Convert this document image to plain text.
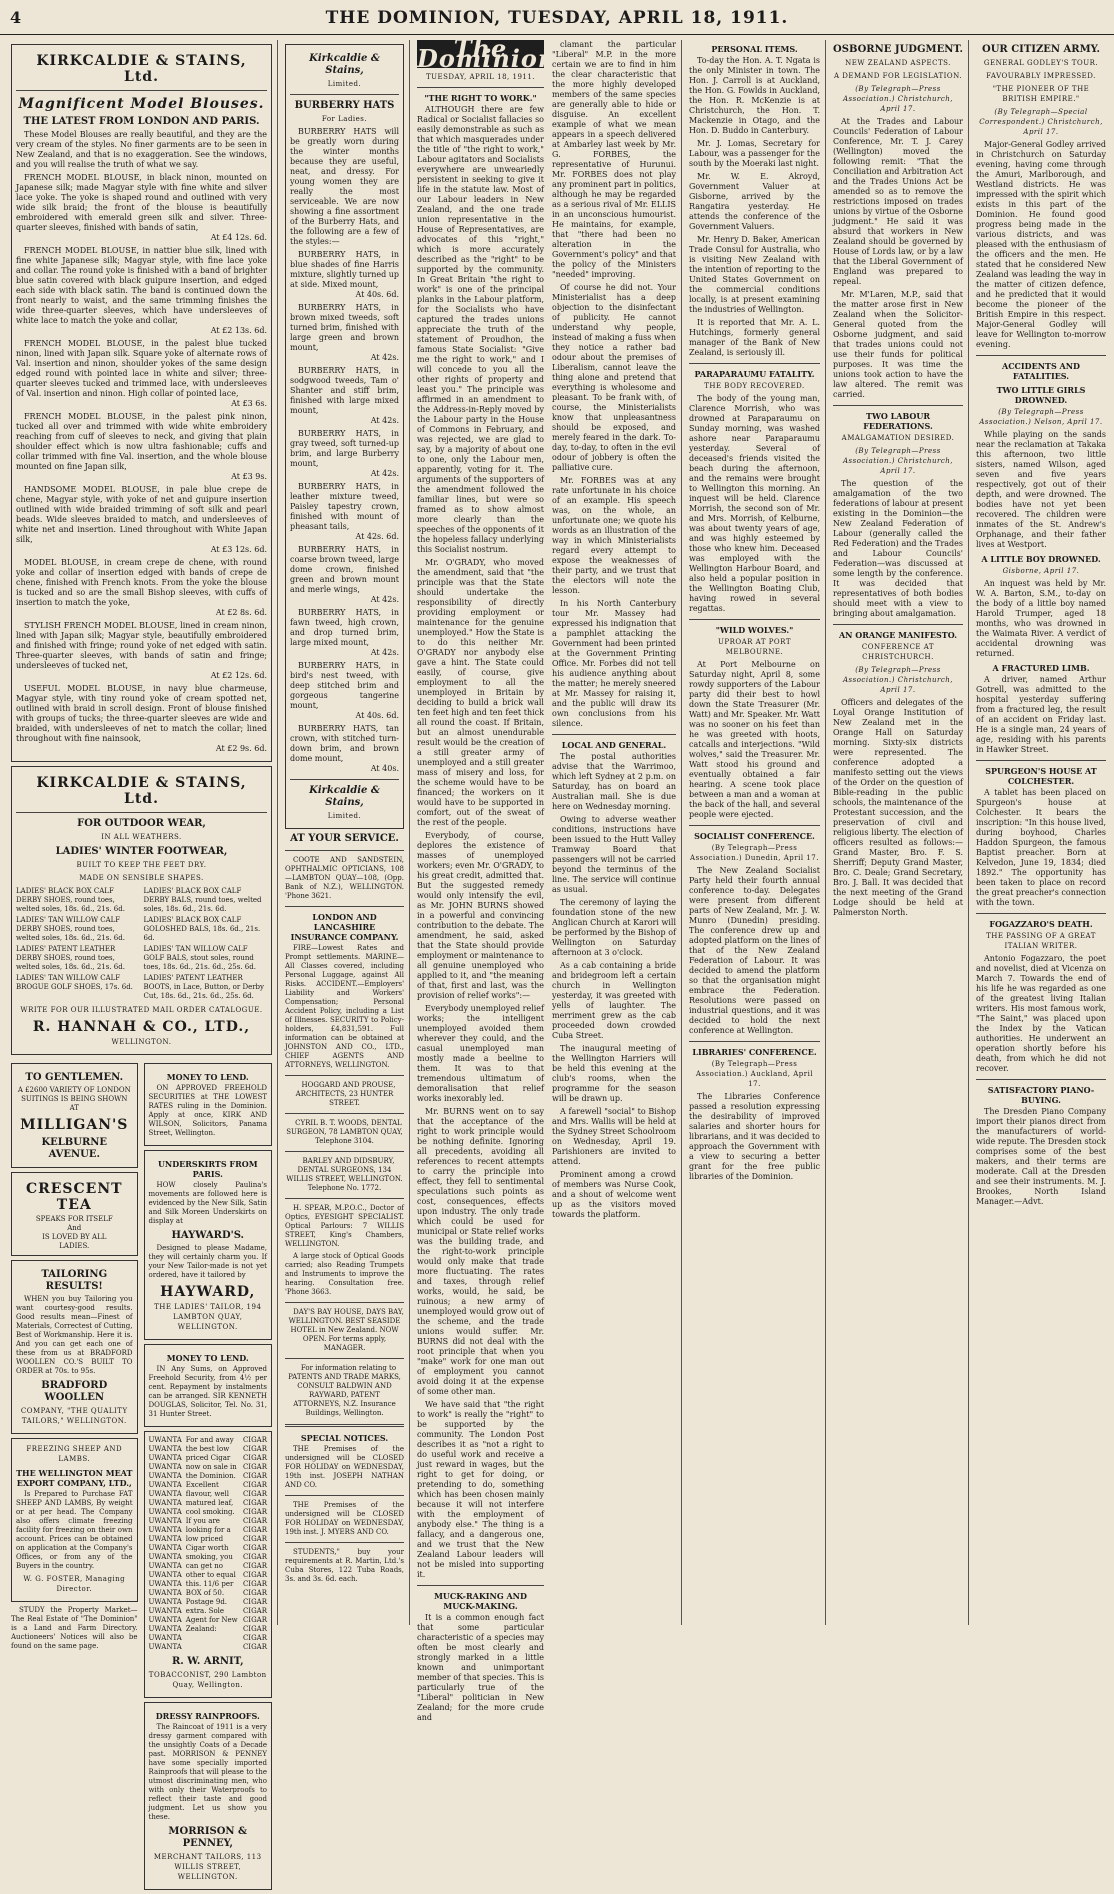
4	THE DOMINION, TUESDAY, APRIL 18, 1911.
KIRKCALDIE & STAINS, Ltd.
Magnificent Model Blouses.
THE LATEST FROM LONDON AND PARIS.

These Model Blouses are really beautiful, and they are the very cream of the styles. No finer garments are to be seen in New Zealand, and that is no exaggeration. See the windows, and you will realise the truth of what we say.

FRENCH MODEL BLOUSE, in black ninon, mounted on Japanese silk; made Magyar style with fine white and silver lace yoke. The yoke is shaped round and outlined with very wide silk braid; the front of the blouse is beautifully embroidered with emerald green silk and silver. Three-quarter sleeves, finished with bands of satin,

At £4 12s. 6d.

FRENCH MODEL BLOUSE, in nattier blue silk, lined with fine white Japanese silk; Magyar style, with fine lace yoke and collar. The round yoke is finished with a band of brighter blue satin covered with black guipure insertion, and edged each side with black satin. The band is continued down the front nearly to waist, and the same trimming finishes the wide three-quarter sleeves, which have undersleeves of white lace to match the yoke and collar,

At £2 13s. 6d.

FRENCH MODEL BLOUSE, in the palest blue tucked ninon, lined with Japan silk. Square yoke of alternate rows of Val. insertion and ninon, shoulder yokes of the same design edged round with pointed lace in white and silver; three-quarter sleeves tucked and trimmed lace, with undersleeves of Val. insertion and ninon. High collar of pointed lace,

At £3 6s.

FRENCH MODEL BLOUSE, in the palest pink ninon, tucked all over and trimmed with wide white embroidery reaching from cuff of sleeves to neck, and giving that plain shoulder effect which is now ultra fashionable; cuffs and collar trimmed with fine Val. insertion, and the whole blouse mounted on fine Japan silk,

At £3 9s.

HANDSOME MODEL BLOUSE, in pale blue crepe de chene, Magyar style, with yoke of net and guipure insertion outlined with wide braided trimming of soft silk and pearl beads. Wide sleeves braided to match, and undersleeves of white net and insertion. Lined throughout with White Japan silk,

At £3 12s. 6d.

MODEL BLOUSE, in cream crepe de chene, with round yoke and collar of insertion edged with bands of crepe de chene, finished with French knots. From the yoke the blouse is tucked and so are the small Bishop sleeves, with cuffs of insertion to match the yoke,

At £2 8s. 6d.

STYLISH FRENCH MODEL BLOUSE, lined in cream ninon, lined with Japan silk; Magyar style, beautifully embroidered and finished with fringe; round yoke of net edged with satin. Three-quarter sleeves, with bands of satin and fringe; undersleeves of tucked net,

At £2 12s. 6d.

USEFUL MODEL BLOUSE, in navy blue charmeuse, Magyar style, with tiny round yoke of cream spotted net, outlined with braid in scroll design. Front of blouse finished with groups of tucks; the three-quarter sleeves are wide and braided, with undersleeves of net to match the collar; lined throughout with fine nainsook,

At £2 9s. 6d.
KIRKCALDIE & STAINS, Ltd.
FOR OUTDOOR WEAR,
IN ALL WEATHERS.
LADIES' WINTER FOOTWEAR,
BUILT TO KEEP THE FEET DRY.
MADE ON SENSIBLE SHAPES.
LADIES' BLACK BOX CALF DERBY SHOES, round toes, welted soles, 18s. 6d., 21s. 6d.
LADIES' BLACK BOX CALF DERBY BALS, round toes, welted soles, 18s. 6d., 21s. 6d.
LADIES' TAN WILLOW CALF DERBY SHOES, round toes, welted soles, 18s. 6d., 21s. 6d.
LADIES' BLACK BOX CALF GOLOSHED BALS, 18s. 6d., 21s. 6d.
LADIES' PATENT LEATHER DERBY SHOES, round toes, welted soles, 18s. 6d., 21s. 6d.
LADIES' TAN WILLOW CALF GOLF BALS, stout soles, round toes, 18s. 6d., 21s. 6d., 25s. 6d.
LADIES' TAN WILLOW CALF BROGUE GOLF SHOES, 17s. 6d.
LADIES' PATENT LEATHER BOOTS, in Lace, Button, or Derby Cut, 18s. 6d., 21s. 6d., 25s. 6d.
WRITE FOR OUR ILLUSTRATED MAIL ORDER CATALOGUE.
R. HANNAH & CO., LTD.,
WELLINGTON.
TO GENTLEMEN.
A £2600 VARIETY OF LONDON SUITINGS IS BEING SHOWN AT
MILLIGAN'S
KELBURNE AVENUE.
CRESCENT TEA
SPEAKS FOR ITSELF
And
IS LOVED BY ALL
LADIES.
TAILORING RESULTS!

WHEN you buy Tailoring you want courtesy-good results. Good results mean—Finest of Materials, Correctest of Cutting, Best of Workmanship. Here it is. And you can get each one of these from us at BRADFORD WOOLLEN CO.'S BUILT TO ORDER at 70s. to 95s.

BRADFORD WOOLLEN
COMPANY, "THE QUALITY TAILORS," WELLINGTON.
FREEZING SHEEP AND LAMBS.
THE WELLINGTON MEAT EXPORT COMPANY, LTD.,

Is Prepared to Purchase FAT SHEEP AND LAMBS, By weight or at per head. The Company also offers climate freezing facility for freezing on their own account. Prices can be obtained on application at the Company's Offices, or from any of the Buyers in the country.

W. G. FOSTER, Managing Director.

STUDY the Property Market—The Real Estate of "The Dominion" is a Land and Farm Directory. Auctioneers' Notices will also be found on the same page.

MONEY TO LEND.

ON APPROVED FREEHOLD SECURITIES at THE LOWEST RATES ruling in the Dominion. Apply at once, KIRK AND WILSON, Solicitors, Panama Street, Wellington.

UNDERSKIRTS FROM PARIS.

HOW closely Paulina's movements are followed here is evidenced by the New Silk, Satin and Silk Moreen Underskirts on display at

HAYWARD'S.

Designed to please Madame, they will certainly charm you. If your New Tailor-made is not yet ordered, have it tailored by

HAYWARD,
THE LADIES' TAILOR, 194 LAMBTON QUAY, WELLINGTON.
MONEY TO LEND.

IN Any Sums, on Approved Freehold Security, from 4½ per cent. Repayment by instalments can be arranged. SIR KENNETH DOUGLAS, Solicitor, Tel. No. 31, 31 Hunter Street.

UWANTA
UWANTA
UWANTA
UWANTA
UWANTA
UWANTA
UWANTA
UWANTA
UWANTA
UWANTA
UWANTA
UWANTA
UWANTA
UWANTA
UWANTA
UWANTA
UWANTA
UWANTA
UWANTA
UWANTA
UWANTA
UWANTA
UWANTA
UWANTA
For and away the best low priced Cigar now on sale in the Dominion. Excellent flavour, well matured leaf, cool smoking. If you are looking for a low priced Cigar worth smoking, you can get no other to equal this. 11/6 per BOX of 50. Postage 9d. extra. Sole Agent for New Zealand:
CIGAR
CIGAR
CIGAR
CIGAR
CIGAR
CIGAR
CIGAR
CIGAR
CIGAR
CIGAR
CIGAR
CIGAR
CIGAR
CIGAR
CIGAR
CIGAR
CIGAR
CIGAR
CIGAR
CIGAR
CIGAR
CIGAR
CIGAR
CIGAR
R. W. ARNIT,
TOBACCONIST, 290 Lambton Quay, Wellington.
DRESSY RAINPROOFS.

The Raincoat of 1911 is a very dressy garment compared with the unsightly Coats of a Decade past. MORRISON & PENNEY have some specially imported Rainproofs that will please to the utmost discriminating men, who with only their Waterproofs to reflect their taste and good judgment. Let us show you these.

MORRISON & PENNEY,
MERCHANT TAILORS, 113 WILLIS STREET, WELLINGTON.
Kirkcaldie & Stains,
Limited.
BURBERRY HATS
For Ladies.

BURBERRY HATS will be greatly worn during the winter months because they are useful, neat, and dressy. For young women they are really the most serviceable. We are now showing a fine assortment of the Burberry Hats, and the following are a few of the styles:—

BURBERRY HATS, in blue shades of fine Harris mixture, slightly turned up at side. Mixed mount,

At 40s. 6d.

BURBERRY HATS, in brown mixed tweeds, soft turned brim, finished with large green and brown mount,

At 42s.

BURBERRY HATS, in sodgwood tweeds, Tam o' Shanter and stiff brim, finished with large mixed mount,

At 42s.

BURBERRY HATS, in gray tweed, soft turned-up brim, and large Burberry mount,

At 42s.

BURBERRY HATS, in leather mixture tweed, Paisley tapestry crown, finished with mount of pheasant tails,

At 42s. 6d.

BURBERRY HATS, in coarse brown tweed, large dome crown, finished green and brown mount and merle wings,

At 42s.

BURBERRY HATS, in fawn tweed, high crown, and drop turned brim, large mixed mount,

At 42s.

BURBERRY HATS, in bird's nest tweed, with deep stitched brim and gorgeous tangerine mount,

At 40s. 6d.

BURBERRY HATS, tan crown, with stitched turn-down brim, and brown dome mount,

At 40s.
Kirkcaldie & Stains,
Limited.
AT YOUR SERVICE.

COOTE AND SANDSTEIN, OPHTHALMIC OPTICIANS, 108—LAMBTON QUAY—108, (Opp. Bank of N.Z.), WELLINGTON. 'Phone 3621.

LONDON AND LANCASHIRE INSURANCE COMPANY.

FIRE—Lowest Rates and Prompt settlements. MARINE—All Classes covered, including Personal Luggage, against All Risks. ACCIDENT.—Employers' Liability and Workers' Compensation; Personal Accident Policy, including a List of Illnesses. SECURITY to Policy-holders, £4,831,591. Full information can be obtained at JOHNSTON AND CO., LTD., CHIEF AGENTS AND ATTORNEYS, WELLINGTON.

HOGGARD AND PROUSE, ARCHITECTS, 23 HUNTER STREET.

CYRIL B. T. WOODS, DENTAL SURGEON, 78 LAMBTON QUAY, Telephone 3104.

BARLEY AND DIDSBURY, DENTAL SURGEONS, 134 WILLIS STREET, WELLINGTON. Telephone No. 1772.

H. SPEAR, M.P.O.C., Doctor of Optics, EYESIGHT SPECIALIST. Optical Parlours: 7 WILLIS STREET, King's Chambers, WELLINGTON.

A large stock of Optical Goods carried; also Reading Trumpets and Instruments to improve the hearing. Consultation free. 'Phone 3663.

DAY'S BAY HOUSE, DAYS BAY, WELLINGTON. BEST SEASIDE HOTEL in New Zealand. NOW OPEN. For terms apply, MANAGER.

For information relating to PATENTS AND TRADE MARKS, CONSULT BALDWIN AND RAYWARD, PATENT ATTORNEYS, N.Z. Insurance Buildings, Wellington.

SPECIAL NOTICES.

THE Premises of the undersigned will be CLOSED FOR HOLIDAY on WEDNESDAY, 19th inst. JOSEPH NATHAN AND CO.

THE Premises of the undersigned will be CLOSED FOR HOLIDAY on WEDNESDAY, 19th inst. J. MYERS AND CO.

STUDENTS," buy your requirements at R. Martin, Ltd.'s Cuba Stores, 122 Tuba Roads, 3s. and 3s. 6d. each.

The Dominion
TUESDAY, APRIL 18, 1911.
"THE RIGHT TO WORK."

ALTHOUGH there are few Radical or Socialist fallacies so easily demonstrable as such as that which masquerades under the title of "the right to work," Labour agitators and Socialists everywhere are unweariedly persistent in seeking to give it life in the statute law. Most of our Labour leaders in New Zealand, and the one trade union representative in the House of Representatives, are advocates of this "right," which is more accurately described as the "right" to be supported by the community. In Great Britain "the right to work" is one of the principal planks in the Labour platform, for the Socialists who have captured the trades unions appreciate the truth of the statement of Proudhon, the famous State Socialist: "Give me the right to work," and I will concede to you all the other rights of property and least you." The principle was affirmed in an amendment to the Address-in-Reply moved by the Labour party in the House of Commons in February, and was rejected, we are glad to say, by a majority of about one to one, only the Labour men, apparently, voting for it. The arguments of the supporters of the amendment followed the familiar lines, but were so framed as to show almost more clearly than the speeches of the opponents of it the hopeless fallacy underlying this Socialist nostrum.

Mr. O'GRADY, who moved the amendment, said that "the principle was that the State should undertake the responsibility of directly providing employment or maintenance for the genuine unemployed." How the State is to do this neither Mr. O'GRADY nor anybody else gave a hint. The State could easily, of course, give employment to all the unemployed in Britain by deciding to build a brick wall ten feet high and ten feet thick all round the coast. If Britain, but an almost unendurable result would be the creation of a still greater army of unemployed and a still greater mass of misery and loss, for the scheme would have to be financed; the workers on it would have to be supported in comfort, out of the sweat of the rest of the people.

Everybody, of course, deplores the existence of masses of unemployed workers; even Mr. O'GRADY, to his great credit, admitted that. But the suggested remedy would only intensify the evil, as Mr. JOHN BURNS showed in a powerful and convincing contribution to the debate. The amendment, he said, asked that the State should provide employment or maintenance to all genuine unemployed who applied to it, and "the meaning of that, first and last, was the provision of relief works":—

Everybody unemployed relief works; the intelligent unemployed avoided them wherever they could, and the casual unemployed man mostly made a beeline to them. It was to that tremendous ultimatum of demoralisation that relief works inexorably led.

Mr. BURNS went on to say that the acceptance of the right to work principle would be nothing definite. Ignoring all precedents, avoiding all references to recent attempts to carry the principle into effect, they fell to sentimental speculations such points as cost, consequences, effects upon industry. The only trade which could be used for municipal or State relief works was the building trade, and the right-to-work principle would only make that trade more fluctuating. The rates and taxes, through relief works, would, he said, be ruinous; a new army of unemployed would grow out of the scheme, and the trade unions would suffer. Mr. BURNS did not deal with the root principle that when you "make" work for one man out of employment you cannot avoid doing it at the expense of some other man.

We have said that "the right to work" is really the "right" to be supported by the community. The London Post describes it as "not a right to do useful work and receive a just reward in wages, but the right to get for doing, or pretending to do, something which has been chosen mainly because it will not interfere with the employment of anybody else." The thing is a fallacy, and a dangerous one, and we trust that the New Zealand Labour leaders will not be misled into supporting it.

MUCK-RAKING AND MUCK-MAKING.

It is a common enough fact that some particular characteristic of a species may often be most clearly and strongly marked in a little known and unimportant member of that species. This is particularly true of the "Liberal" politician in New Zealand; for the more crude and

clamant the particular "Liberal" M.P. in the more certain we are to find in him the clear characteristic that the more highly developed members of the same species are generally able to hide or disguise. An excellent example of what we mean appears in a speech delivered at Ambarley last week by Mr. G. FORBES, the representative of Hurunui. Mr. FORBES does not play any prominent part in politics, although he may be regarded as a serious rival of Mr. ELLIS in an unconscious humourist. He maintains, for example, that "there had been no alteration in the Government's policy" and that the policy of the Ministers "needed" improving.

Of course he did not. Your Ministerialist has a deep objection to the disinfectant of publicity. He cannot understand why people, instead of making a fuss when they notice a rather bad odour about the premises of Liberalism, cannot leave the thing alone and pretend that everything is wholesome and pleasant. To be frank with, of course, the Ministerialists know that unpleasantness should be exposed, and merely feared in the dark. To-day, to-day, to often in the evil odour of jobbery is often the palliative cure.

Mr. FORBES was at any rate unfortunate in his choice of an example. His speech was, on the whole, an unfortunate one; we quote his words as an illustration of the way in which Ministerialists regard every attempt to expose the weaknesses of their party, and we trust that the electors will note the lesson.

In his North Canterbury tour Mr. Massey had expressed his indignation that a pamphlet attacking the Government had been printed at the Government Printing Office. Mr. Forbes did not tell his audience anything about the matter; he merely sneered at Mr. Massey for raising it, and the public will draw its own conclusions from his silence.

LOCAL AND GENERAL.

The postal authorities advise that the Warrimoo, which left Sydney at 2 p.m. on Saturday, has on board an Australian mail. She is due here on Wednesday morning.

Owing to adverse weather conditions, instructions have been issued to the Hutt Valley Tramway Board that passengers will not be carried beyond the terminus of the line. The service will continue as usual.

The ceremony of laying the foundation stone of the new Anglican Church at Karori will be performed by the Bishop of Wellington on Saturday afternoon at 3 o'clock.

As a cab containing a bride and bridegroom left a certain church in Wellington yesterday, it was greeted with yells of laughter. The merriment grew as the cab proceeded down crowded Cuba Street.

The inaugural meeting of the Wellington Harriers will be held this evening at the club's rooms, when the programme for the season will be drawn up.

A farewell "social" to Bishop and Mrs. Wallis will be held at the Sydney Street Schoolroom on Wednesday, April 19. Parishioners are invited to attend.

Prominent among a crowd of members was Nurse Cook, and a shout of welcome went up as the visitors moved towards the platform.

PERSONAL ITEMS.

To-day the Hon. A. T. Ngata is the only Minister in town. The Hon. J. Carroll is at Auckland, the Hon. G. Fowlds in Auckland, the Hon. R. McKenzie is at Christchurch, the Hon. T. Mackenzie in Otago, and the Hon. D. Buddo in Canterbury.

Mr. J. Lomas, Secretary for Labour, was a passenger for the south by the Moeraki last night.

Mr. W. E. Akroyd, Government Valuer at Gisborne, arrived by the Rangatira yesterday. He attends the conference of the Government Valuers.

Mr. Henry D. Baker, American Trade Consul for Australia, who is visiting New Zealand with the intention of reporting to the United States Government on the commercial conditions locally, is at present examining the industries of Wellington.

It is reported that Mr. A. L. Hutchings, formerly general manager of the Bank of New Zealand, is seriously ill.

PARAPARAUMU FATALITY.
THE BODY RECOVERED.

The body of the young man, Clarence Morrish, who was drowned at Paraparaumu on Sunday morning, was washed ashore near Paraparaumu yesterday. Several of deceased's friends visited the beach during the afternoon, and the remains were brought to Wellington this morning. An inquest will be held. Clarence Morrish, the second son of Mr. and Mrs. Morrish, of Kelburne, was about twenty years of age, and was highly esteemed by those who knew him. Deceased was employed with the Wellington Harbour Board, and also held a popular position in the Wellington Boating Club, having rowed in several regattas.

"WILD WOLVES."
UPROAR AT PORT MELBOURNE.

At Port Melbourne on Saturday night, April 8, some rowdy supporters of the Labour party did their best to howl down the State Treasurer (Mr. Watt) and Mr. Speaker. Mr. Watt was no sooner on his feet than he was greeted with hoots, catcalls and interjections. "Wild wolves," said the Treasurer. Mr. Watt stood his ground and eventually obtained a fair hearing. A scene took place between a man and a woman at the back of the hall, and several people were ejected.

SOCIALIST CONFERENCE.
(By Telegraph—Press Association.) Dunedin, April 17.

The New Zealand Socialist Party held their fourth annual conference to-day. Delegates were present from different parts of New Zealand, Mr. J. W. Munro (Dunedin) presiding. The conference drew up and adopted platform on the lines of that of the New Zealand Federation of Labour. It was decided to amend the platform so that the organisation might embrace the Federation. Resolutions were passed on industrial questions, and it was decided to hold the next conference at Wellington.

LIBRARIES' CONFERENCE.
(By Telegraph—Press Association.) Auckland, April 17.

The Libraries Conference passed a resolution expressing the desirability of improved salaries and shorter hours for librarians, and it was decided to approach the Government with a view to securing a better grant for the free public libraries of the Dominion.

OSBORNE JUDGMENT.
NEW ZEALAND ASPECTS.
A DEMAND FOR LEGISLATION.
(By Telegraph—Press Association.) Christchurch, April 17.

At the Trades and Labour Councils' Federation of Labour Conference, Mr. T. J. Carey (Wellington) moved the following remit: "That the Conciliation and Arbitration Act and the Trades Unions Act be amended so as to remove the restrictions imposed on trades unions by virtue of the Osborne judgment." He said it was absurd that workers in New Zealand should be governed by House of Lords law, or by a law that the Liberal Government of England was prepared to repeal.

Mr. M'Laren, M.P., said that the matter arose first in New Zealand when the Solicitor-General quoted from the Osborne judgment, and said that trades unions could not use their funds for political purposes. It was time the unions took action to have the law altered. The remit was carried.

TWO LABOUR FEDERATIONS.
AMALGAMATION DESIRED.
(By Telegraph—Press Association.) Christchurch, April 17.

The question of the amalgamation of the two federations of labour at present existing in the Dominion—the New Zealand Federation of Labour (generally called the Red Federation) and the Trades and Labour Councils' Federation—was discussed at some length by the conference. It was decided that representatives of both bodies should meet with a view to bringing about amalgamation.

AN ORANGE MANIFESTO.
CONFERENCE AT CHRISTCHURCH.
(By Telegraph—Press Association.) Christchurch, April 17.

Officers and delegates of the Loyal Orange Institution of New Zealand met in the Orange Hall on Saturday morning. Sixty-six districts were represented. The conference adopted a manifesto setting out the views of the Order on the question of Bible-reading in the public schools, the maintenance of the Protestant succession, and the preservation of civil and religious liberty. The election of officers resulted as follows:—Grand Master, Bro. F. S. Sherriff; Deputy Grand Master, Bro. C. Deale; Grand Secretary, Bro. J. Ball. It was decided that the next meeting of the Grand Lodge should be held at Palmerston North.

OUR CITIZEN ARMY.
GENERAL GODLEY'S TOUR.
FAVOURABLY IMPRESSED.
"THE PIONEER OF THE BRITISH EMPIRE."
(By Telegraph—Special Correspondent.) Christchurch, April 17.

Major-General Godley arrived in Christchurch on Saturday evening, having come through the Amuri, Marlborough, and Westland districts. He was impressed with the spirit which exists in this part of the Dominion. He found good progress being made in the various districts, and was pleased with the enthusiasm of the officers and the men. He stated that he considered New Zealand was leading the way in the matter of citizen defence, and he predicted that it would become the pioneer of the British Empire in this respect. Major-General Godley will leave for Wellington to-morrow evening.

ACCIDENTS AND FATALITIES.
TWO LITTLE GIRLS DROWNED.
(By Telegraph—Press Association.) Nelson, April 17.

While playing on the sands near the reclamation at Takaka this afternoon, two little sisters, named Wilson, aged seven and five years respectively, got out of their depth, and were drowned. The bodies have not yet been recovered. The children were inmates of the St. Andrew's Orphanage, and their father lives at Westport.

A LITTLE BOY DROWNED.
Gisborne, April 17.

An inquest was held by Mr. W. A. Barton, S.M., to-day on the body of a little boy named Harold Trumper, aged 18 months, who was drowned in the Waimata River. A verdict of accidental drowning was returned.

A FRACTURED LIMB.

A driver, named Arthur Gotrell, was admitted to the hospital yesterday suffering from a fractured leg, the result of an accident on Friday last. He is a single man, 24 years of age, residing with his parents in Hawker Street.

SPURGEON'S HOUSE AT COLCHESTER.

A tablet has been placed on Spurgeon's house at Colchester. It bears the inscription: "In this house lived, during boyhood, Charles Haddon Spurgeon, the famous Baptist preacher. Born at Kelvedon, June 19, 1834; died 1892." The opportunity has been taken to place on record the great preacher's connection with the town.

FOGAZZARO'S DEATH.
THE PASSING OF A GREAT ITALIAN WRITER.

Antonio Fogazzaro, the poet and novelist, died at Vicenza on March 7. Towards the end of his life he was regarded as one of the greatest living Italian writers. His most famous work, "The Saint," was placed upon the Index by the Vatican authorities. He underwent an operation shortly before his death, from which he did not recover.

SATISFACTORY PIANO-BUYING.

The Dresden Piano Company import their pianos direct from the manufacturers of world-wide repute. The Dresden stock comprises some of the best makers, and their terms are moderate. Call at the Dresden and see their instruments. M. J. Brookes, North Island Manager.—Advt.
